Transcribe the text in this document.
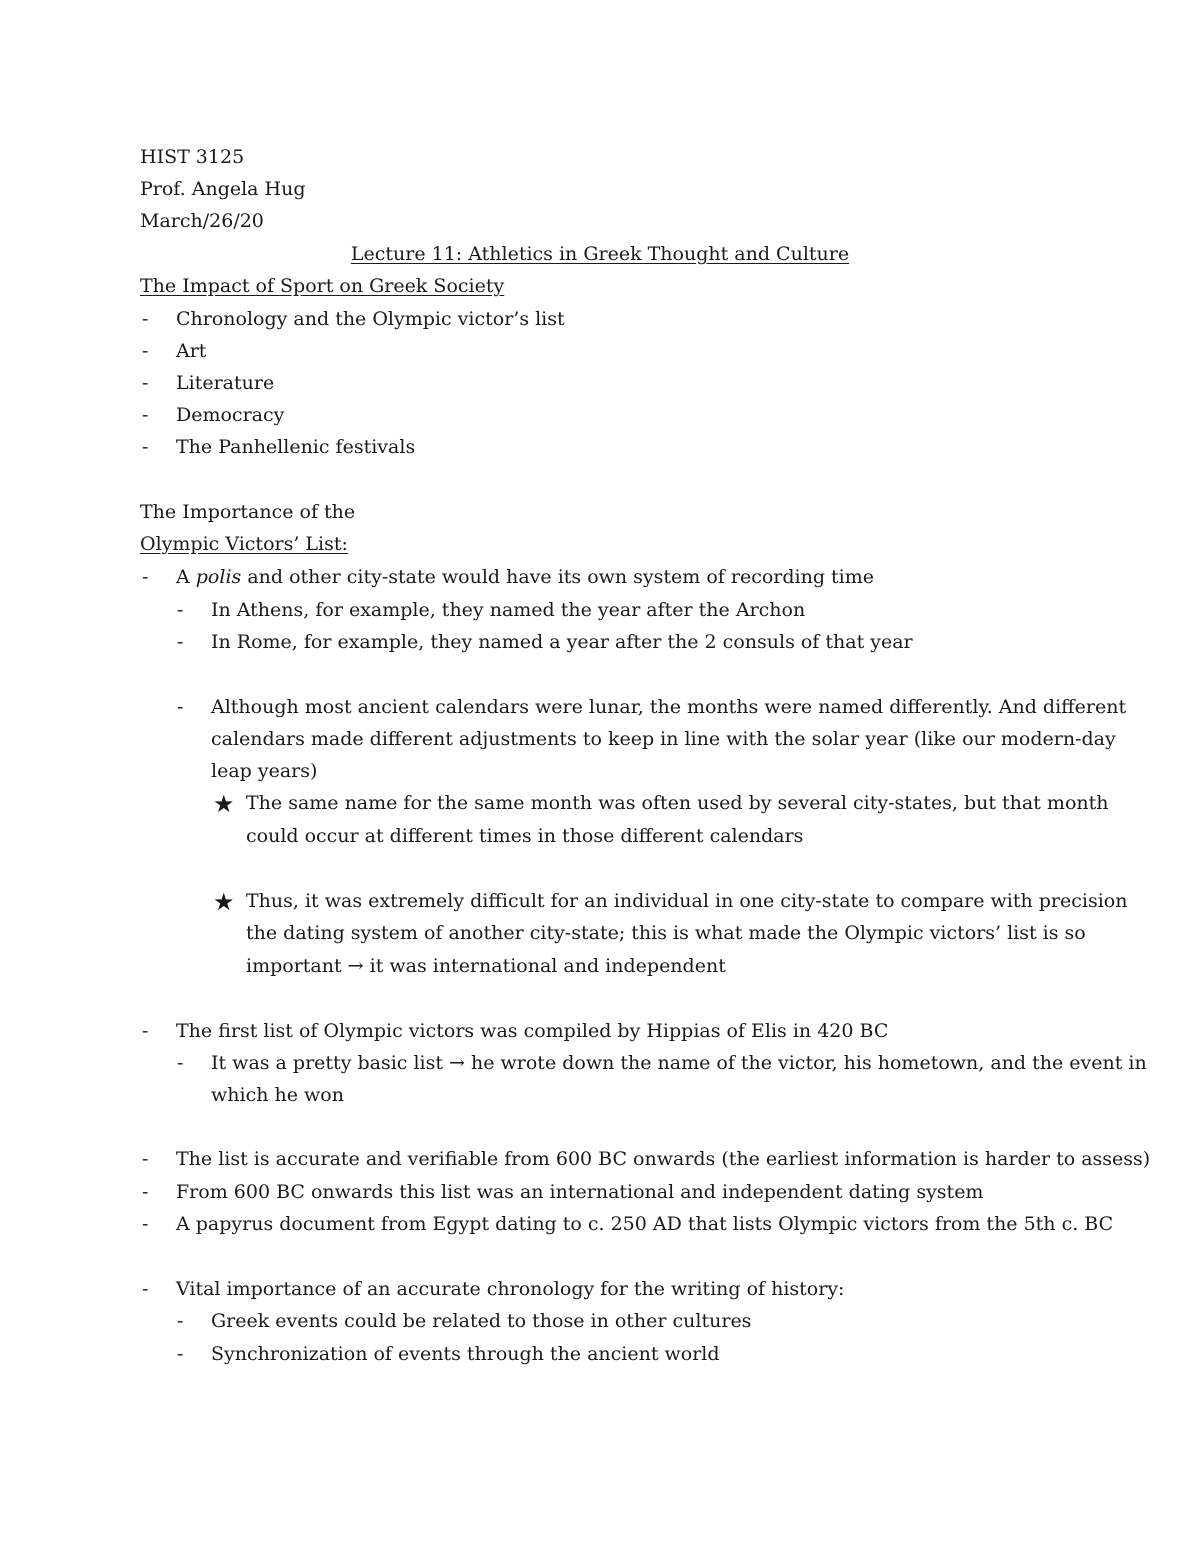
HIST 3125
Prof. Angela Hug
March/26/20
Lecture 11: Athletics in Greek Thought and Culture
The Impact of Sport on Greek Society
- Chronology and the Olympic victor’s list
- Art
- Literature
- Democracy
- The Panhellenic festivals
The Importance of the
Olympic Victors’ List:
- A polis and other city-state would have its own system of recording time
- In Athens, for example, they named the year after the Archon
- In Rome, for example, they named a year after the 2 consuls of that year
- Although most ancient calendars were lunar, the months were named differently. And different
calendars made different adjustments to keep in line with the solar year (like our modern-day
leap years)
★ The same name for the same month was often used by several city-states, but that month
could occur at different times in those different calendars
★ Thus, it was extremely difficult for an individual in one city-state to compare with precision
the dating system of another city-state; this is what made the Olympic victors’ list is so
important → it was international and independent
- The first list of Olympic victors was compiled by Hippias of Elis in 420 BC
- It was a pretty basic list → he wrote down the name of the victor, his hometown, and the event in
which he won
- The list is accurate and verifiable from 600 BC onwards (the earliest information is harder to assess)
- From 600 BC onwards this list was an international and independent dating system
- A papyrus document from Egypt dating to c. 250 AD that lists Olympic victors from the 5th c. BC
- Vital importance of an accurate chronology for the writing of history:
- Greek events could be related to those in other cultures
- Synchronization of events through the ancient world
